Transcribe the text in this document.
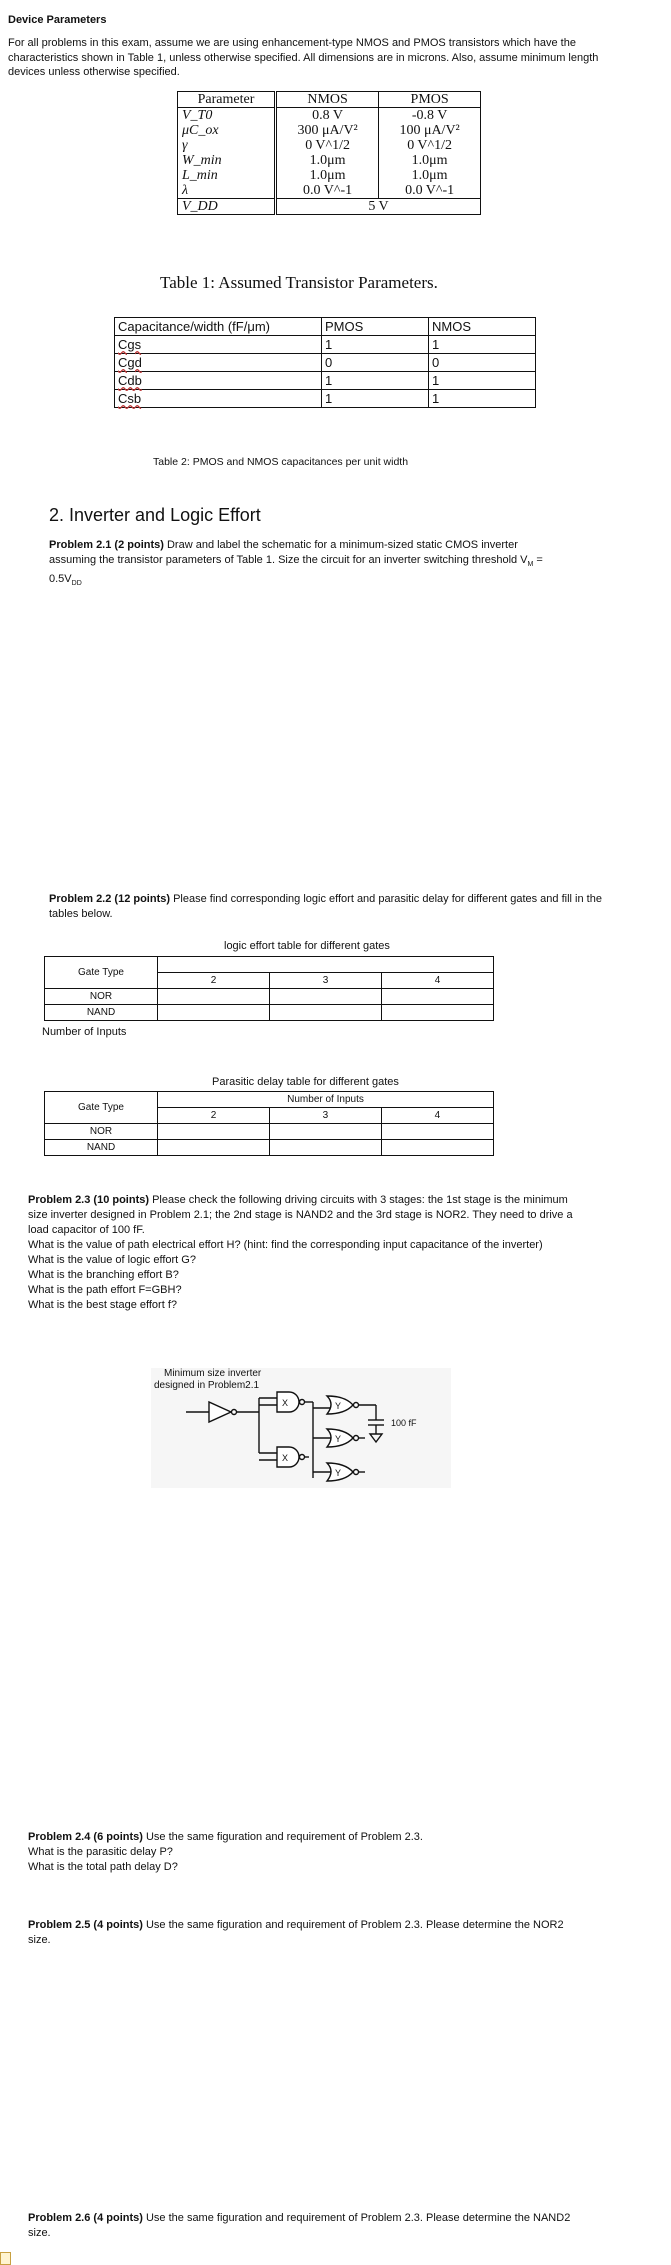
Device Parameters
For all problems in this exam, assume we are using enhancement-type NMOS and PMOS transistors which have the characteristics shown in Table 1, unless otherwise specified. All dimensions are in microns. Also, assume minimum length devices unless otherwise specified.
Parameter	NMOS	PMOS
V_T0	0.8 V	-0.8 V
μC_ox	300 μA/V²	100 μA/V²
γ	0 V^1/2	0 V^1/2
W_min	1.0μm	1.0μm
L_min	1.0μm	1.0μm
λ	0.0 V^-1	0.0 V^-1
V_DD	5 V	
Table 1: Assumed Transistor Parameters.
Capacitance/width (fF/μm)	PMOS	NMOS
Cgs	1	1
Cgd	0	0
Cdb	1	1
Csb	1	1
Table 2: PMOS and NMOS capacitances per unit width
2. Inverter and Logic Effort
Problem 2.1 (2 points) Draw and label the schematic for a minimum-sized static CMOS inverter assuming the transistor parameters of Table 1. Size the circuit for an inverter switching threshold $V_M = 0.5V_{DD}$
Problem 2.2 (12 points) Please find corresponding logic effort and parasitic delay for different gates and fill in the tables below.
logic effort table for different gates
Gate Type			
	2	3	4
NOR			
NAND			
Number of Inputs
Parasitic delay table for different gates
Gate Type	Number of Inputs		
	2	3	4
NOR			
NAND			
Problem 2.3 (10 points) Please check the following driving circuits with 3 stages: the 1st stage is the minimum size inverter designed in Problem 2.1; the 2nd stage is NAND2 and the 3rd stage is NOR2. They need to drive a load capacitor of 100 fF.
What is the value of path electrical effort H? (hint: find the corresponding input capacitance of the inverter)
What is the value of logic effort G?
What is the branching effort B?
What is the path effort F=GBH?
What is the best stage effort f?
Minimum size inverter
designed in Problem2.1
X
X
Y
Y
Y
100 fF
Problem 2.4 (6 points) Use the same figuration and requirement of Problem 2.3.
What is the parasitic delay P?
What is the total path delay D?
Problem 2.5 (4 points) Use the same figuration and requirement of Problem 2.3. Please determine the NOR2 size.
Problem 2.6 (4 points) Use the same figuration and requirement of Problem 2.3. Please determine the NAND2 size.
